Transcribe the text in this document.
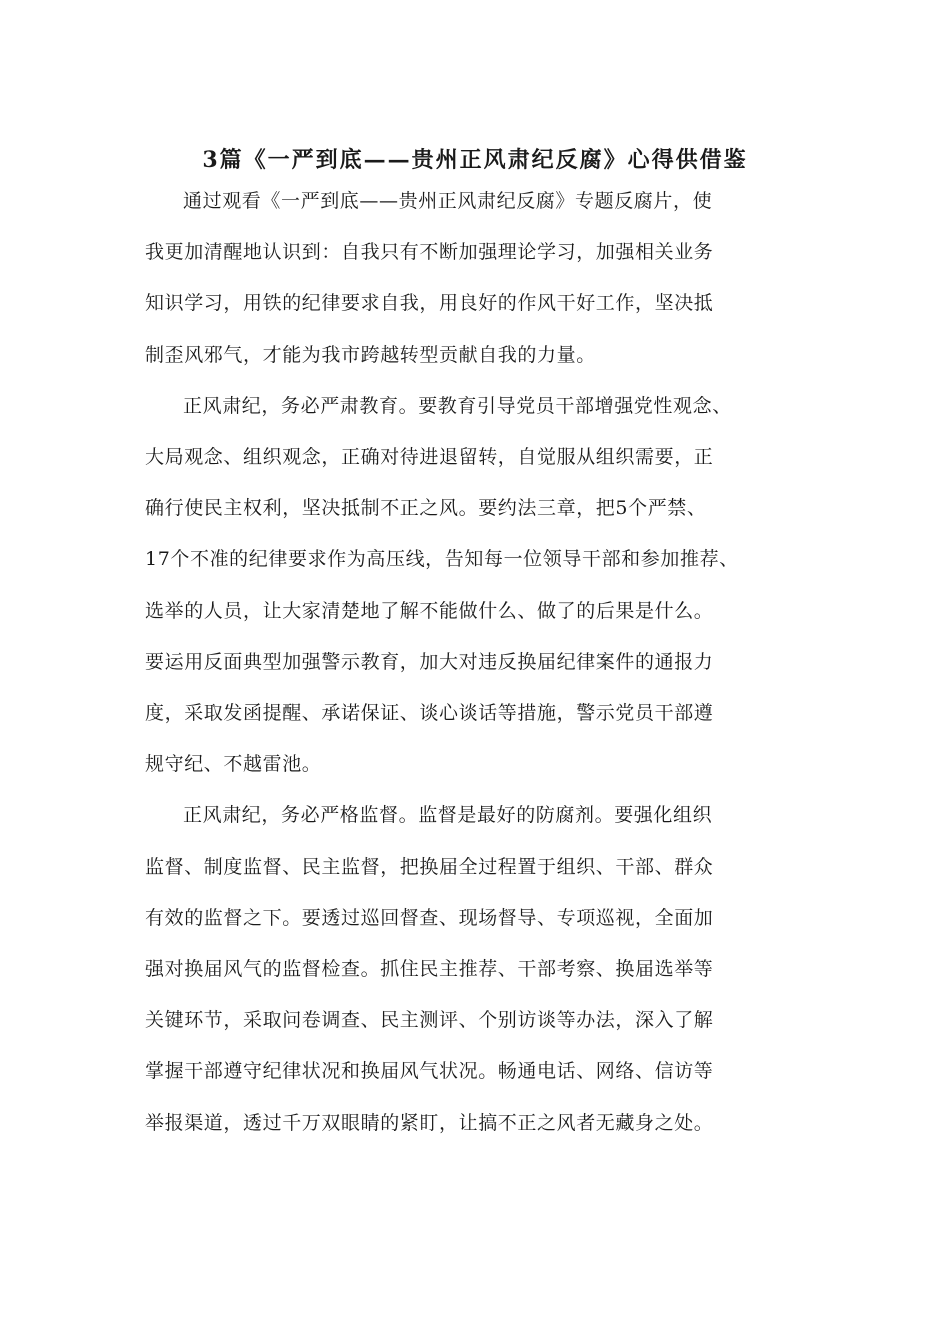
3篇《一严到底——贵州正风肃纪反腐》心得供借鉴
通过观看《一严到底——贵州正风肃纪反腐》专题反腐片，使
我更加清醒地认识到：自我只有不断加强理论学习，加强相关业务
知识学习，用铁的纪律要求自我，用良好的作风干好工作，坚决抵
制歪风邪气，才能为我市跨越转型贡献自我的力量。
正风肃纪，务必严肃教育。要教育引导党员干部增强党性观念、
大局观念、组织观念，正确对待进退留转，自觉服从组织需要，正
确行使民主权利，坚决抵制不正之风。要约法三章，把5个严禁、
17个不准的纪律要求作为高压线，告知每一位领导干部和参加推荐、
选举的人员，让大家清楚地了解不能做什么、做了的后果是什么。
要运用反面典型加强警示教育，加大对违反换届纪律案件的通报力
度，采取发函提醒、承诺保证、谈心谈话等措施，警示党员干部遵
规守纪、不越雷池。
正风肃纪，务必严格监督。监督是最好的防腐剂。要强化组织
监督、制度监督、民主监督，把换届全过程置于组织、干部、群众
有效的监督之下。要透过巡回督查、现场督导、专项巡视，全面加
强对换届风气的监督检查。抓住民主推荐、干部考察、换届选举等
关键环节，采取问卷调查、民主测评、个别访谈等办法，深入了解
掌握干部遵守纪律状况和换届风气状况。畅通电话、网络、信访等
举报渠道，透过千万双眼睛的紧盯，让搞不正之风者无藏身之处。
